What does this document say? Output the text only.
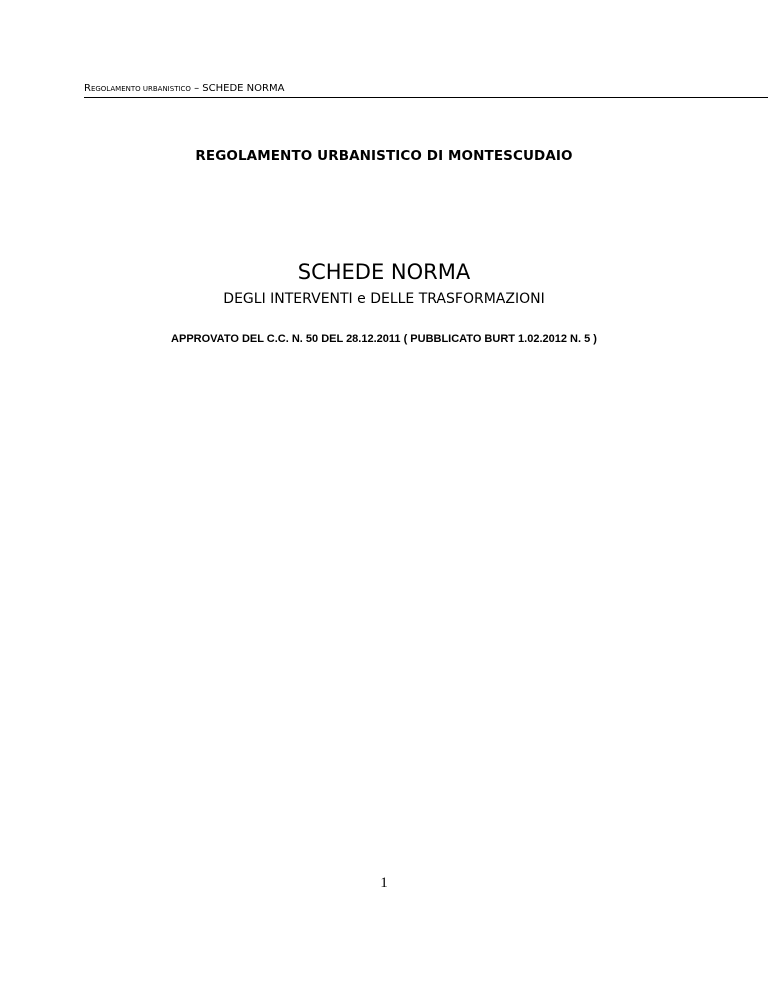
REGOLAMENTO URBANISTICO – SCHEDE NORMA
REGOLAMENTO URBANISTICO DI MONTESCUDAIO
SCHEDE NORMA
DEGLI INTERVENTI e DELLE TRASFORMAZIONI
APPROVATO DEL C.C. N. 50 DEL 28.12.2011 ( PUBBLICATO BURT 1.02.2012 N. 5 )
1
